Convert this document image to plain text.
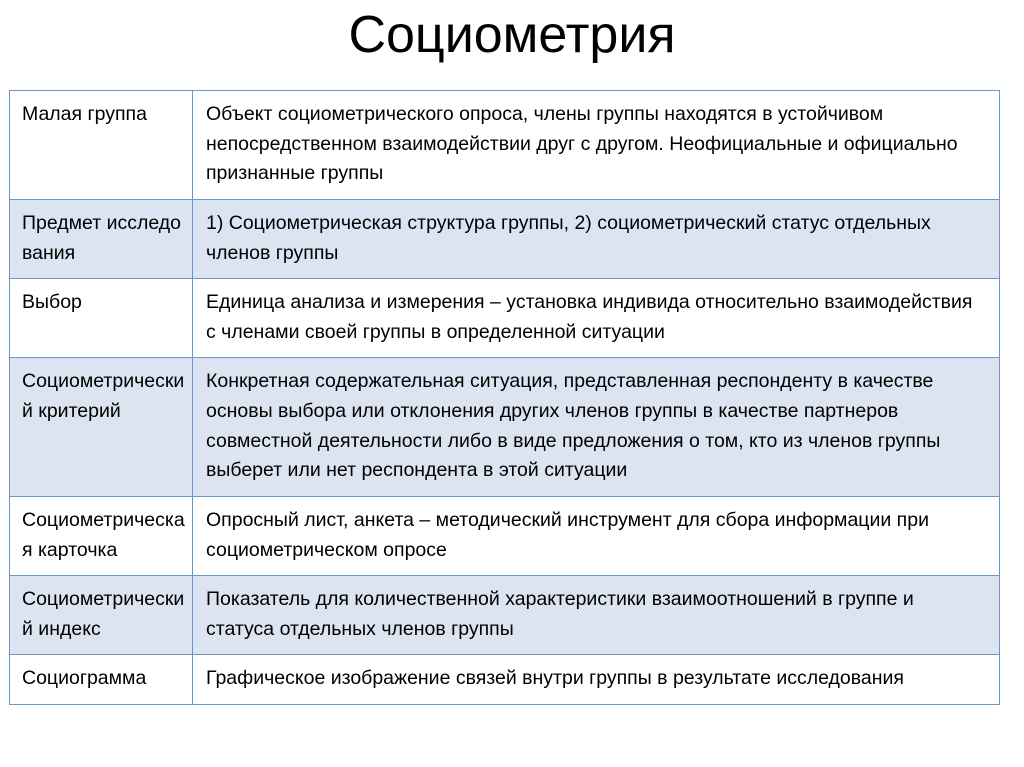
Социометрия
Малая группа	Объект социометрического опроса, члены группы находятся в устойчивом непосредственном взаимодействии друг с другом. Неофициальные и официально признанные группы
Предмет исследования	1) Социометрическая структура группы, 2) социометрический статус отдельных членов группы
Выбор	Единица анализа и измерения – установка индивида относительно взаимодействия с членами своей группы в определенной ситуации
Социометрический критерий	Конкретная содержательная ситуация, представленная респонденту в качестве основы выбора или отклонения других членов группы в качестве партнеров совместной деятельности либо в виде предложения о том, кто из членов группы выберет или нет респондента в этой ситуации
Социометрическая карточка	Опросный лист, анкета – методический инструмент для сбора информации при социометрическом опросе
Социометрический индекс	Показатель для количественной характеристики взаимоотношений в группе и статуса отдельных членов группы
Социограмма	Графическое изображение связей внутри группы в результате исследования
